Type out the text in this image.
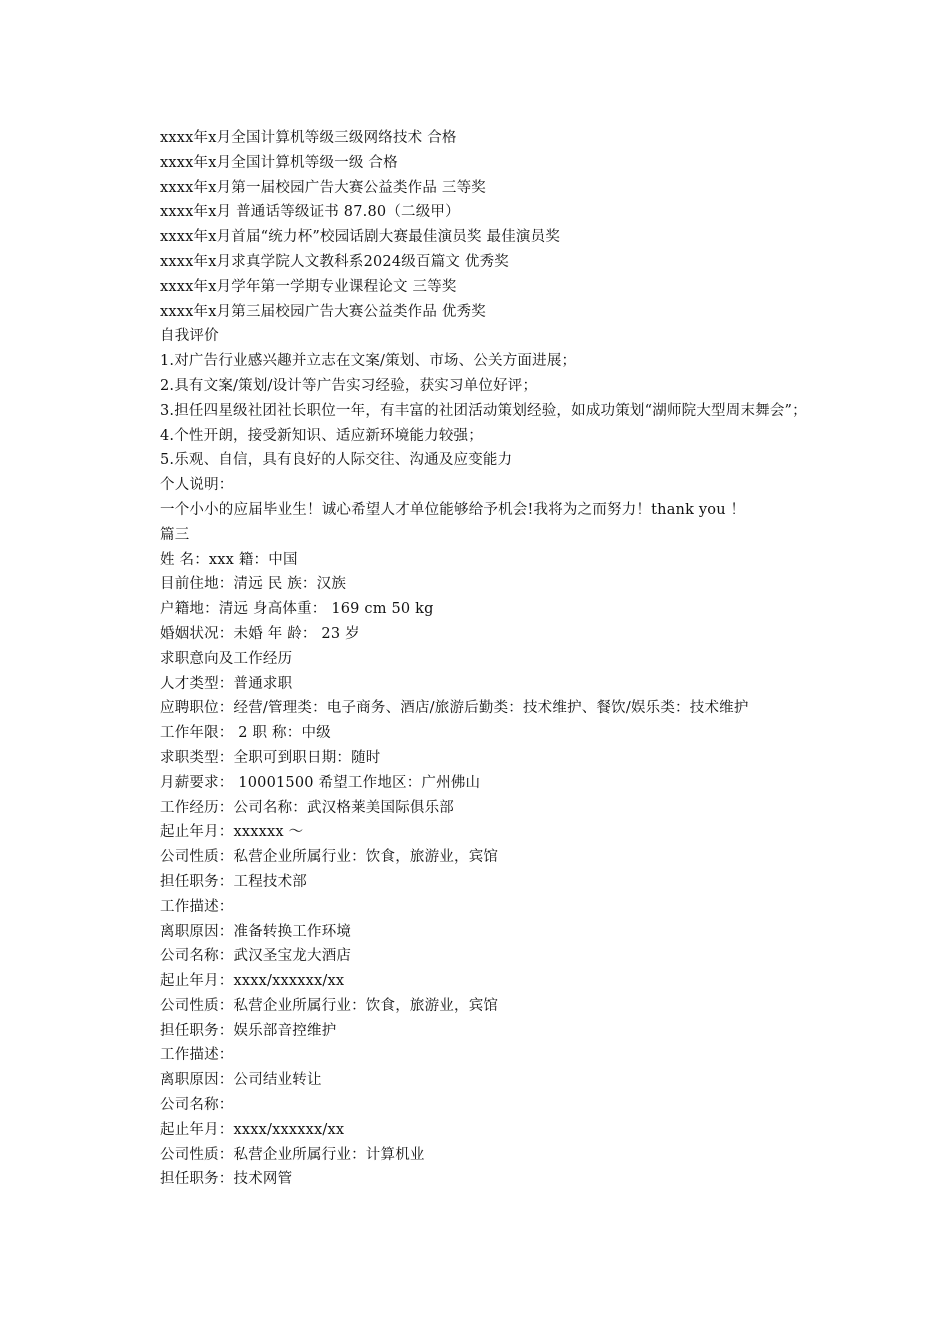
xxxx年x月全国计算机等级三级网络技术 合格
xxxx年x月全国计算机等级一级 合格
xxxx年x月第一届校园广告大赛公益类作品 三等奖
xxxx年x月 普通话等级证书 87.80（二级甲）
xxxx年x月首届“统力杯”校园话剧大赛最佳演员奖 最佳演员奖
xxxx年x月求真学院人文教科系2024级百篇文 优秀奖
xxxx年x月学年第一学期专业课程论文 三等奖
xxxx年x月第三届校园广告大赛公益类作品 优秀奖
自我评价
1.对广告行业感兴趣并立志在文案/策划、市场、公关方面进展；
2.具有文案/策划/设计等广告实习经验，获实习单位好评；
3.担任四星级社团社长职位一年，有丰富的社团活动策划经验，如成功策划“湖师院大型周末舞会”；
4.个性开朗，接受新知识、适应新环境能力较强；
5.乐观、自信，具有良好的人际交往、沟通及应变能力
个人说明：
一个小小的应届毕业生！诚心希望人才单位能够给予机会!我将为之而努力！thank you ！
篇三
姓 名：xxx 籍：中国
目前住地：清远 民 族：汉族
户籍地：清远 身高体重： 169 cm 50 kg
婚姻状况：未婚 年 龄： 23 岁
求职意向及工作经历
人才类型：普通求职
应聘职位：经营/管理类：电子商务、酒店/旅游后勤类：技术维护、餐饮/娱乐类：技术维护
工作年限： 2 职 称：中级
求职类型：全职可到职日期：随时
月薪要求： 10001500 希望工作地区：广州佛山
工作经历：公司名称：武汉格莱美国际俱乐部
起止年月：xxxxxx ～
公司性质：私营企业所属行业：饮食，旅游业，宾馆
担任职务：工程技术部
工作描述：
离职原因：准备转换工作环境
公司名称：武汉圣宝龙大酒店
起止年月：xxxx/xxxxxx/xx
公司性质：私营企业所属行业：饮食，旅游业，宾馆
担任职务：娱乐部音控维护
工作描述：
离职原因：公司结业转让
公司名称：
起止年月：xxxx/xxxxxx/xx
公司性质：私营企业所属行业：计算机业
担任职务：技术网管
